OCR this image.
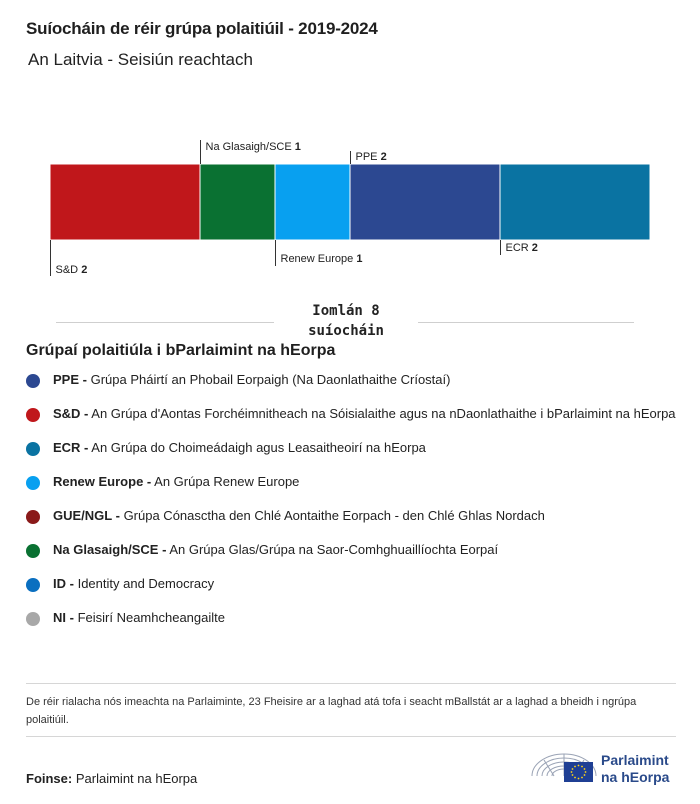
Suíocháin de réir grúpa polaitiúil - 2019-2024
An Laitvia - Seisiún reachtach
S&D 2
Na Glasaigh/SCE 1
Renew Europe 1
PPE 2
ECR 2
Iomlán 8
suíocháin
Grúpaí polaitiúla i bParlaimint na hEorpa
PPE - Grúpa Pháirtí an Phobail Eorpaigh (Na Daonlathaithe Críostaí)
S&D - An Grúpa d'Aontas Forchéimnitheach na Sóisialaithe agus na nDaonlathaithe i bParlaimint na hEorpa
ECR - An Grúpa do Choimeádaigh agus Leasaitheoirí na hEorpa
Renew Europe - An Grúpa Renew Europe
GUE/NGL - Grúpa Cónasctha den Chlé Aontaithe Eorpach - den Chlé Ghlas Nordach
Na Glasaigh/SCE - An Grúpa Glas/Grúpa na Saor-Comhghuaillíochta Eorpaí
ID - Identity and Democracy
NI - Feisirí Neamhcheangailte
De réir rialacha nós imeachta na Parlaiminte, 23 Fheisire ar a laghad atá tofa i seacht mBallstát ar a laghad a bheidh i ngrúpa polaitiúil.
Foinse: Parlaimint na hEorpa
Parlaimint
na hEorpa
